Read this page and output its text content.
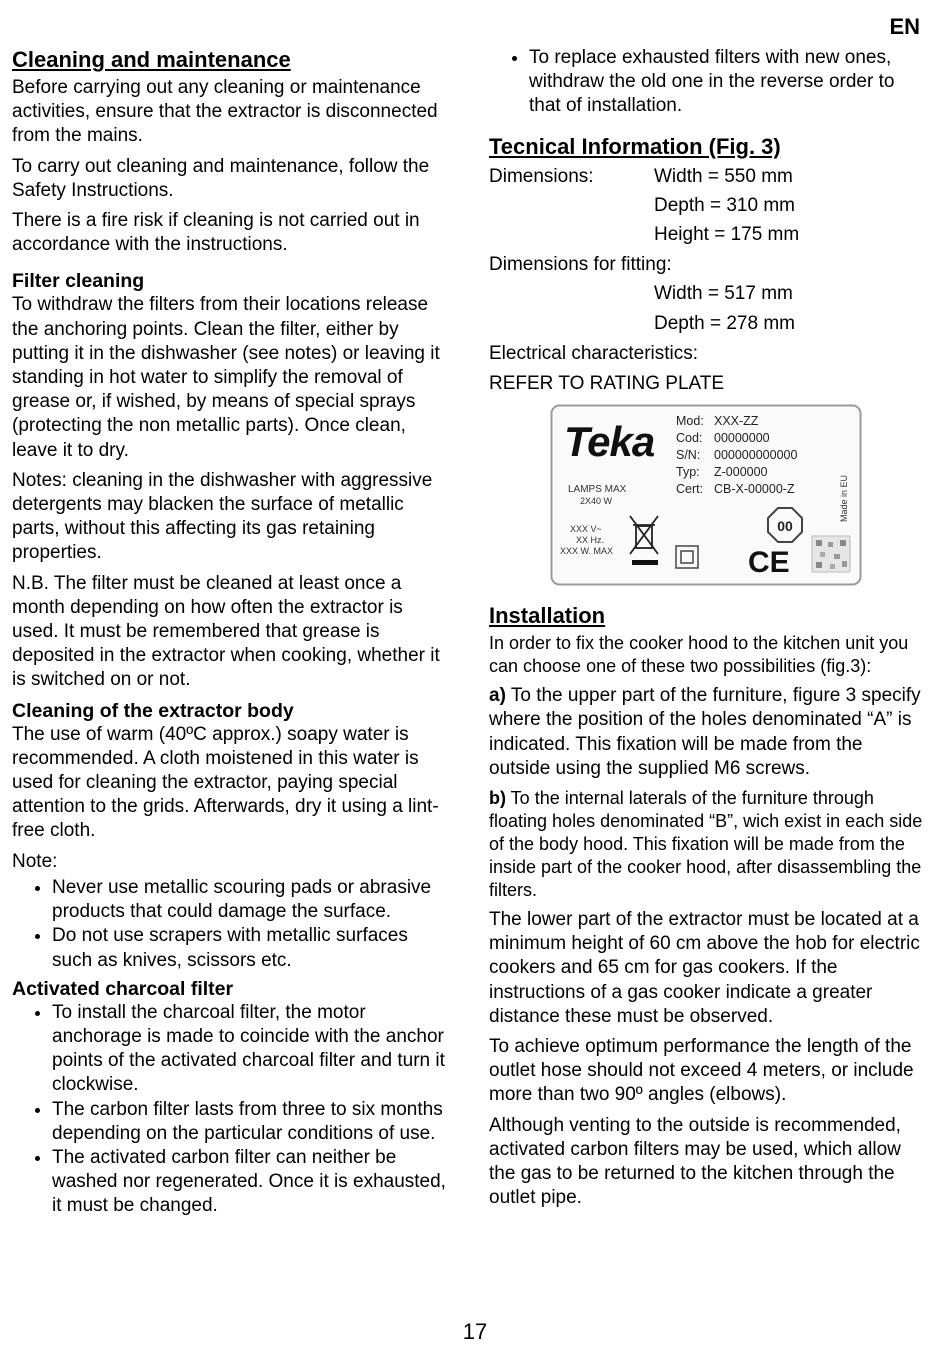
EN
Cleaning and maintenance

Before carrying out any cleaning or maintenance activities, ensure that the extractor is disconnected from the mains.

To carry out cleaning and maintenance, follow the Safety Instructions.

There is a fire risk if cleaning is not carried out in accordance with the instructions.

Filter cleaning

To withdraw the filters from their locations release the anchoring points. Clean the filter, either by putting it in the dishwasher (see notes) or leaving it standing in hot water to simplify the removal of grease or, if wished, by means of special sprays (protecting the non metallic parts). Once clean, leave it to dry.

Notes: cleaning in the dishwasher with aggressive detergents may blacken the surface of metallic parts, without this affecting its gas retaining properties.

N.B. The filter must be cleaned at least once a month depending on how often the extractor is used. It must be remembered that grease is deposited in the extractor when cooking, whether it is switched on or not.

Cleaning of the extractor body

The use of warm (40ºC approx.) soapy water is recommended. A cloth moistened in this water is used for cleaning the extractor, paying special attention to the grids. Afterwards, dry it using a lint-free cloth.

Note:

• Never use metallic scouring pads or abrasive products that could damage the surface.
• Do not use scrapers with metallic surfaces such as knives, scissors etc.
Activated charcoal filter
• To install the charcoal filter, the motor anchorage is made to coincide with the anchor points of the activated charcoal filter and turn it clockwise.
• The carbon filter lasts from three to six months depending on the particular conditions of use.
• The activated carbon filter can neither be washed nor regenerated. Once it is exhausted, it must be changed.
• To replace exhausted filters with new ones, withdraw the old one in the reverse order to that of installation.
Tecnical Information (Fig. 3)
Dimensions:	Width = 550 mm
Depth = 310 mm
Height = 175 mm

Dimensions for fitting:

Width = 517 mm
Depth = 278 mm

Electrical characteristics:

REFER TO RATING PLATE

Teka
LAMPS MAX
2X40 W
XXX V~
XX Hz.
XXX W. MAX
Mod: XXX-ZZ
Cod: 00000000
S/N: 000000000000
Typ: Z-000000
Cert: CB-X-00000-Z	Made in EU
00
CE
Installation

In order to fix the cooker hood to the kitchen unit you can choose one of these two possibilities (fig.3):

a) To the upper part of the furniture, figure 3 specify where the position of the holes denominated “A” is indicated. This fixation will be made from the outside using the supplied M6 screws.

b) To the internal laterals of the furniture through floating holes denominated “B”, wich exist in each side of the body hood. This fixation will be made from the inside part of the cooker hood, after disassembling the filters.

The lower part of the extractor must be located at a minimum height of 60 cm above the hob for electric cookers and 65 cm for gas cookers. If the instructions of a gas cooker indicate a greater distance these must be observed.

To achieve optimum performance the length of the outlet hose should not exceed 4 meters, or include more than two 90º angles (elbows).

Although venting to the outside is recommended, activated carbon filters may be used, which allow the gas to be returned to the kitchen through the outlet pipe.

17
